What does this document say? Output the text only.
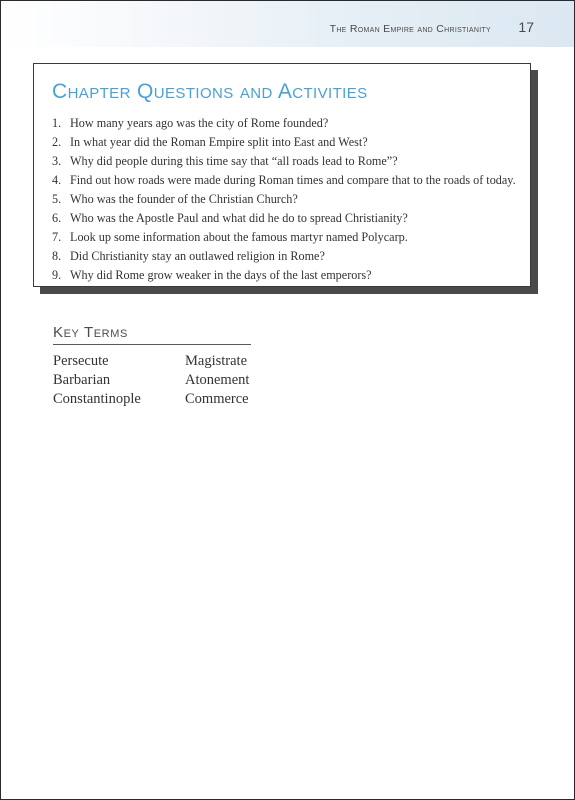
The Roman Empire and Christianity 17
Chapter Questions and Activities
1. How many years ago was the city of Rome founded?
2. In what year did the Roman Empire split into East and West?
3. Why did people during this time say that “all roads lead to Rome”?
4. Find out how roads were made during Roman times and compare that to the roads of today.
5. Who was the founder of the Christian Church?
6. Who was the Apostle Paul and what did he do to spread Christianity?
7. Look up some information about the famous martyr named Polycarp.
8. Did Christianity stay an outlawed religion in Rome?
9. Why did Rome grow weaker in the days of the last emperors?
Key Terms
Persecute	Magistrate
Barbarian	Atonement
Constantinople	Commerce
